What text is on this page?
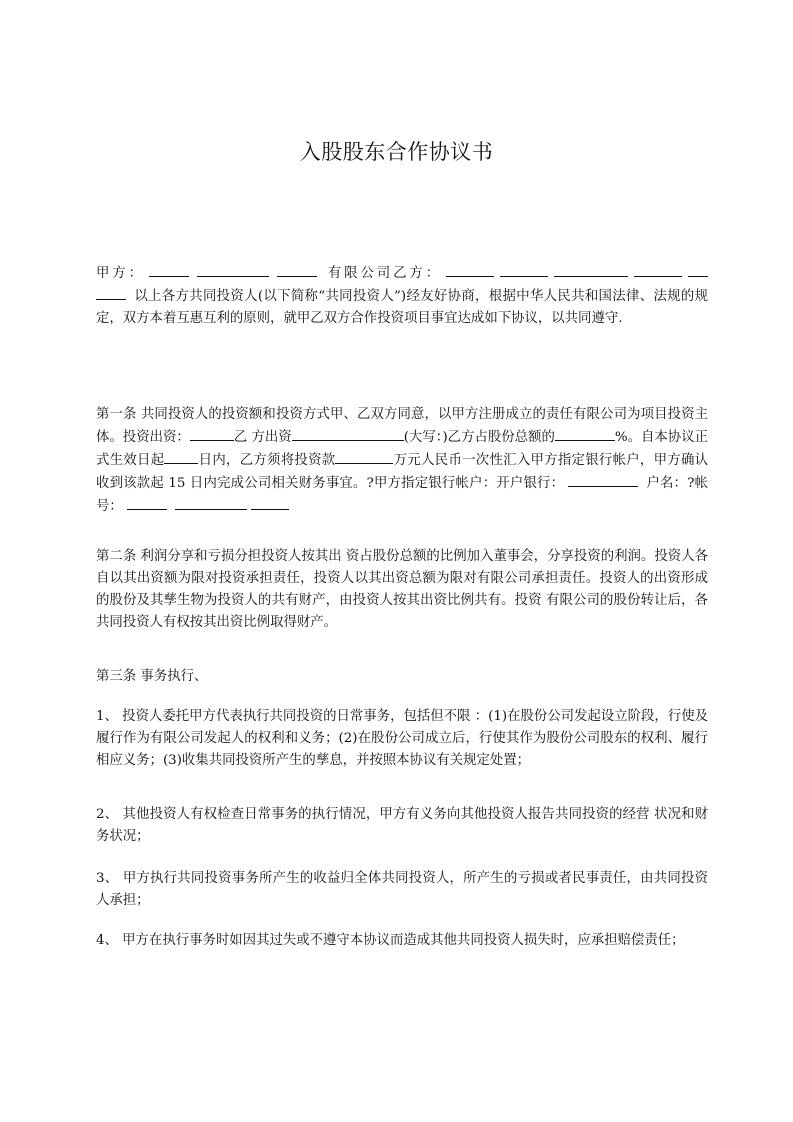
入股股东合作协议书
甲方：	有限公司乙方： 以上各方共同投资人(以下简称“共同投资人”)经友好协商，根据中华人民共和国法律、法规的规定，双方本着互惠互利的原则，就甲乙双方合作投资项目事宜达成如下协议，以共同遵守.
第一条 共同投资人的投资额和投资方式甲、乙双方同意，以甲方注册成立的责任有限公司为项目投资主体。投资出资：	乙 方出资	(大写：)乙方占股份总额的	%。自本协议正式生效日起	日内，乙方须将投资款	万元人民币一次性汇入甲方指定银行帐户，甲方确认收到该款起 15 日内完成公司相关财务事宜。?甲方指定银行帐户：开户银行：	户名：?帐号：
第二条 利润分享和亏损分担投资人按其出 资占股份总额的比例加入董事会，分享投资的利润。投资人各自以其出资额为限对投资承担责任，投资人以其出资总额为限对有限公司承担责任。投资人的出资形成的股份及其孳生物为投资人的共有财产，由投资人按其出资比例共有。投资 有限公司的股份转让后，各共同投资人有权按其出资比例取得财产。
第三条 事务执行、
1、 投资人委托甲方代表执行共同投资的日常事务，包括但不限 ：(1)在股份公司发起设立阶段，行使及履行作为有限公司发起人的权利和义务；(2)在股份公司成立后，行使其作为股份公司股东的权利、履行相应义务；(3)收集共同投资所产生的孳息，并按照本协议有关规定处置；
2、 其他投资人有权检查日常事务的执行情况，甲方有义务向其他投资人报告共同投资的经营 状况和财务状况；
3、 甲方执行共同投资事务所产生的收益归全体共同投资人，所产生的亏损或者民事责任，由共同投资人承担；
4、 甲方在执行事务时如因其过失或不遵守本协议而造成其他共同投资人损失时，应承担赔偿责任；
